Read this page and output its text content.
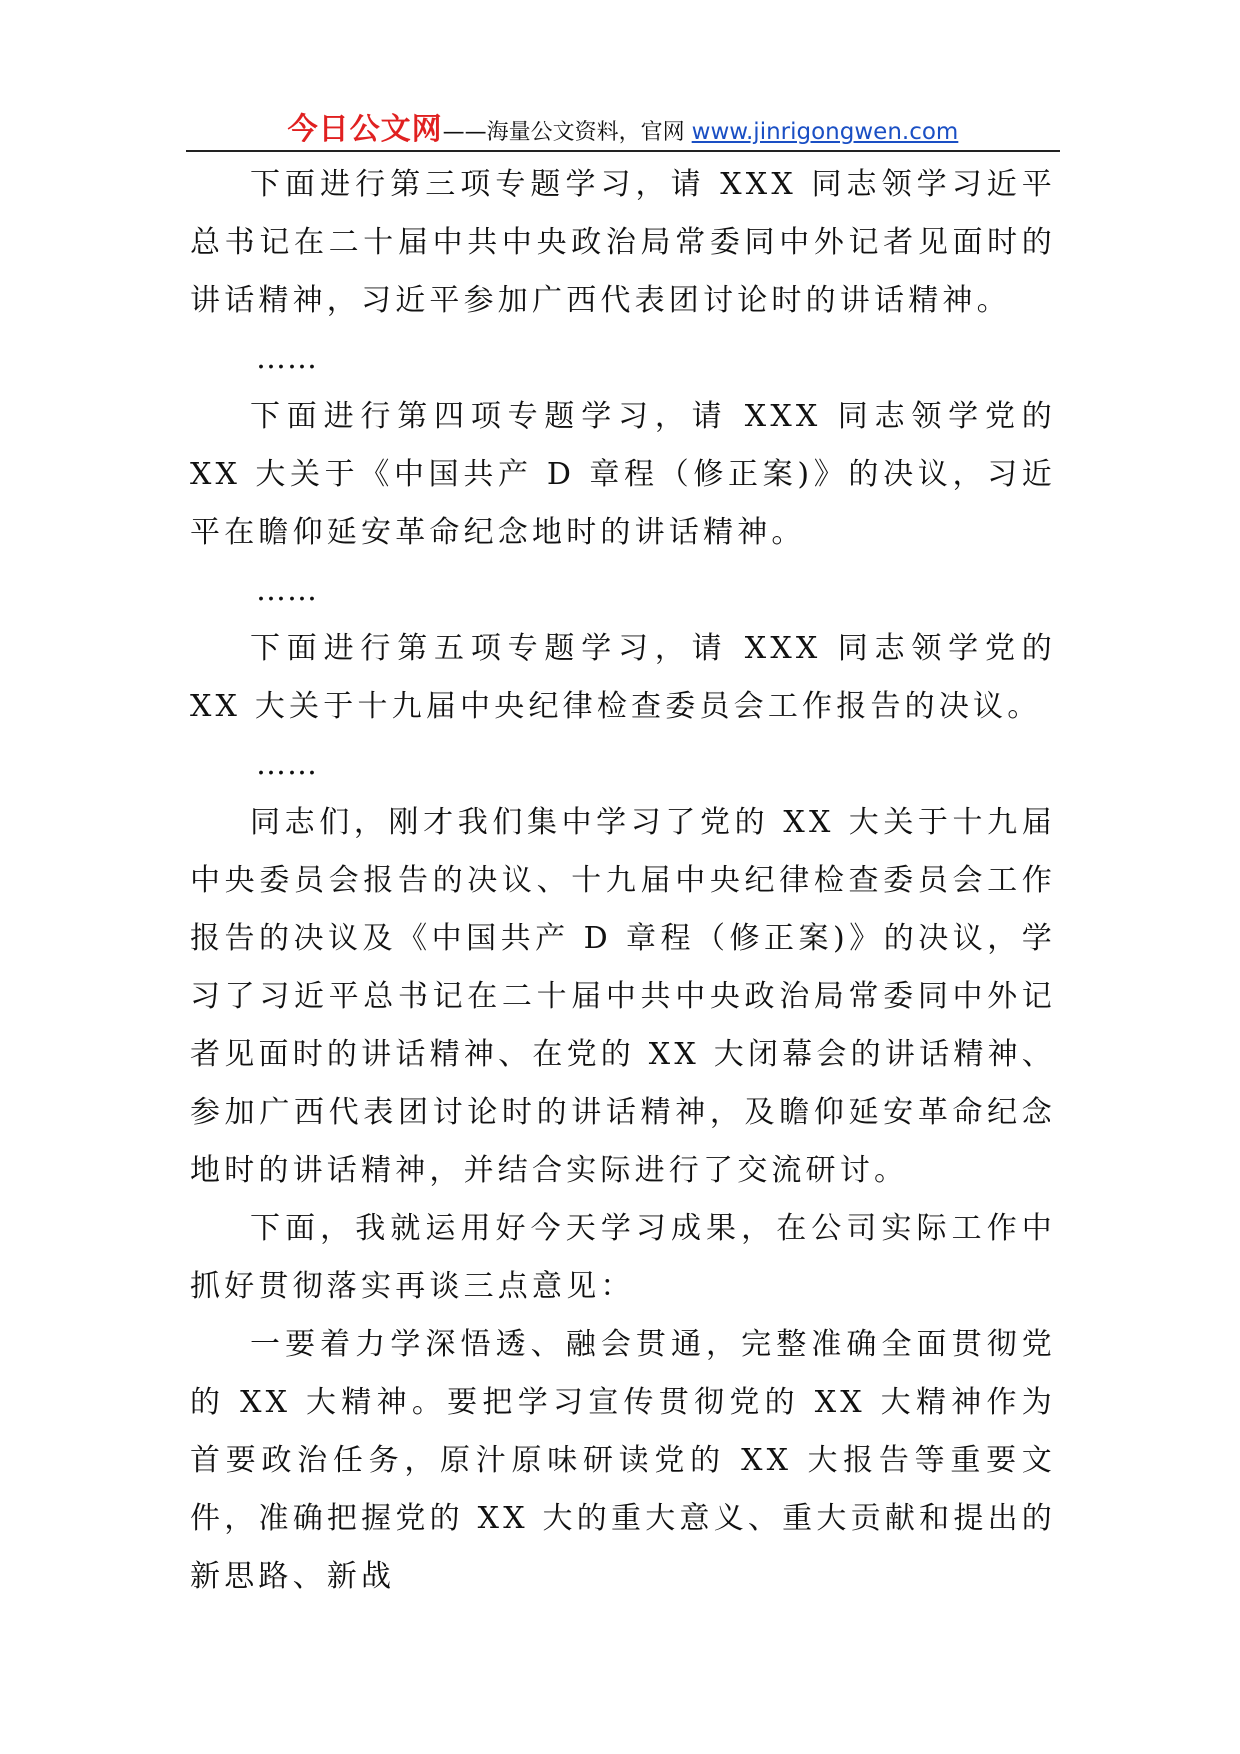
今日公文网——海量公文资料，官网 www.jinrigongwen.com

下面进行第三项专题学习，请 XXX 同志领学习近平总书记在二十届中共中央政治局常委同中外记者见面时的讲话精神，习近平参加广西代表团讨论时的讲话精神。

……

下面进行第四项专题学习，请 XXX 同志领学党的 XX 大关于《中国共产 D 章程（修正案)》的决议，习近平在瞻仰延安革命纪念地时的讲话精神。

……

下面进行第五项专题学习，请 XXX 同志领学党的 XX 大关于十九届中央纪律检查委员会工作报告的决议。

……

同志们，刚才我们集中学习了党的 XX 大关于十九届中央委员会报告的决议、十九届中央纪律检查委员会工作报告的决议及《中国共产 D 章程（修正案)》的决议，学习了习近平总书记在二十届中共中央政治局常委同中外记者见面时的讲话精神、在党的 XX 大闭幕会的讲话精神、参加广西代表团讨论时的讲话精神，及瞻仰延安革命纪念地时的讲话精神，并结合实际进行了交流研讨。

下面，我就运用好今天学习成果，在公司实际工作中抓好贯彻落实再谈三点意见：

一要着力学深悟透、融会贯通，完整准确全面贯彻党的 XX 大精神。要把学习宣传贯彻党的 XX 大精神作为首要政治任务，原汁原味研读党的 XX 大报告等重要文件，准确把握党的 XX 大的重大意义、重大贡献和提出的新思路、新战
